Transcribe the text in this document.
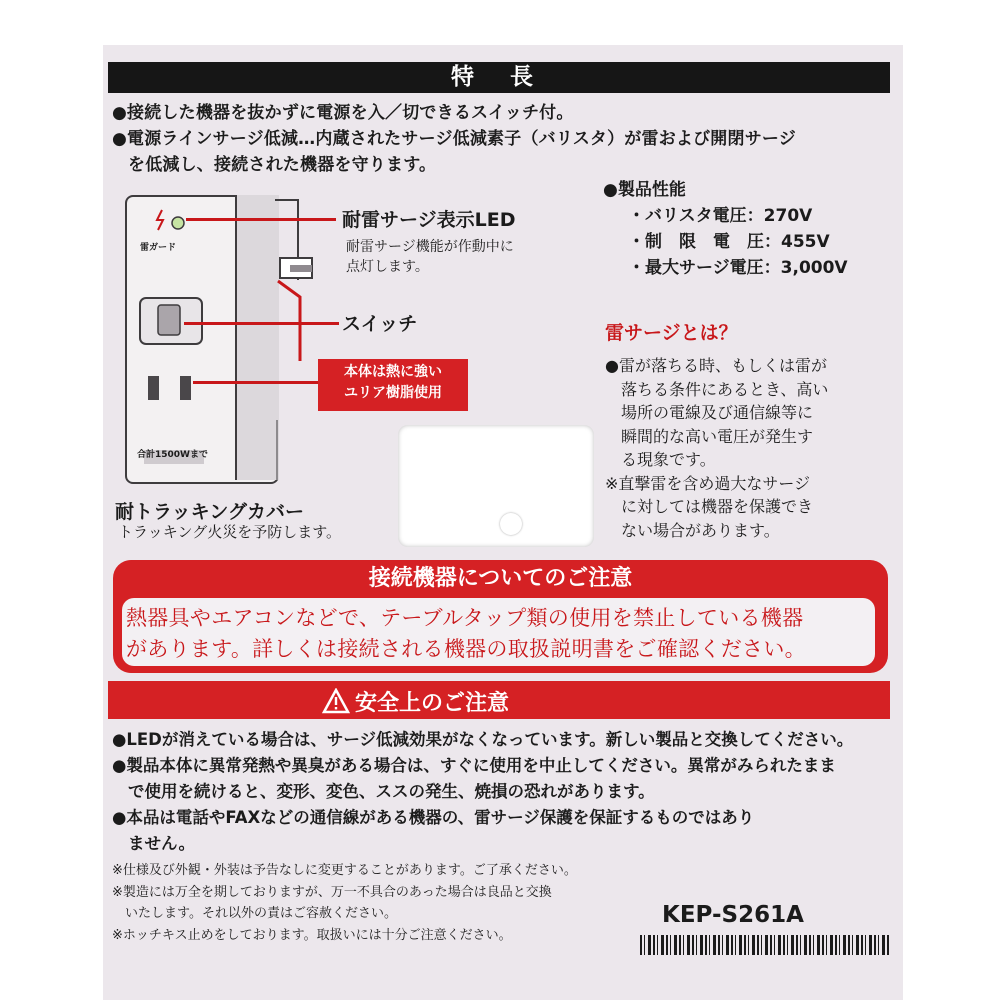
特 長
●接続した機器を抜かずに電源を入／切できるスイッチ付。
●電源ラインサージ低減…内蔵されたサージ低減素子（バリスタ）が雷および開閉サージ
を低減し、接続された機器を守ります。
●製品性能
・バリスタ電圧：270V
・制　限　電　圧：455V
・最大サージ電圧：3,000V
雷ガード
合計1500Wまで
耐雷サージ表示LED
耐雷サージ機能が作動中に
点灯します。
スイッチ
本体は熱に強い
ユリア樹脂使用
耐トラッキングカバー
トラッキング火災を予防します。
雷サージとは？
●雷が落ちる時、もしくは雷が
落ちる条件にあるとき、高い
場所の電線及び通信線等に
瞬間的な高い電圧が発生す
る現象です。
※直撃雷を含め過大なサージ
に対しては機器を保護でき
ない場合があります。
接続機器についてのご注意
熱器具やエアコンなどで、テーブルタップ類の使用を禁止している機器
があります。詳しくは接続される機器の取扱説明書をご確認ください。
安全上のご注意
●LEDが消えている場合は、サージ低減効果がなくなっています。新しい製品と交換してください。
●製品本体に異常発熱や異臭がある場合は、すぐに使用を中止してください。異常がみられたまま
で使用を続けると、変形、変色、ススの発生、焼損の恐れがあります。
●本品は電話やFAXなどの通信線がある機器の、雷サージ保護を保証するものではあり
ません。
※仕様及び外観・外装は予告なしに変更することがあります。ご了承ください。
※製造には万全を期しておりますが、万一不具合のあった場合は良品と交換
いたします。それ以外の責はご容赦ください。
※ホッチキス止めをしております。取扱いには十分ご注意ください。
KEP-S261A
